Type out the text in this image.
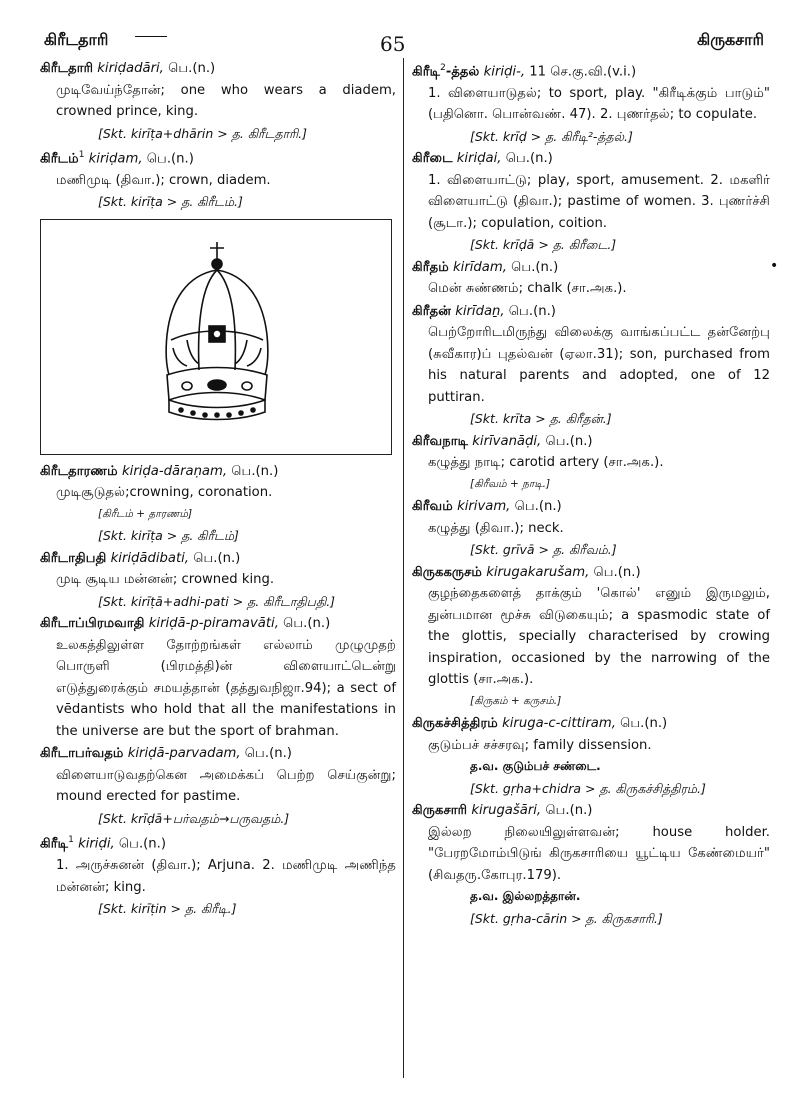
கிரீடதாரி	65	கிருகசாரி
•

கிரீடதாரி kiriḍadāri, பெ.(n.)

முடிவேய்ந்தோன்; one who wears a diadem, crowned prince, king.

[Skt. kirīṭa+dhārin > த. கிரீடதாரி.]

கிரீடம்$^1$ kiriḍam, பெ.(n.)

மணிமுடி (திவா.); crown, diadem.

[Skt. kirīṭa > த. கிரீடம்.]

கிரீடதாரணம் kiriḍa-dāraṇam, பெ.(n.)

முடிசூடுதல்;crowning, coronation.

[கிரீடம் + தாரணம்]

[Skt. kirīṭa > த. கிரீடம்]

கிரீடாதிபதி kiriḍādibati, பெ.(n.)

முடி சூடிய மன்னன்; crowned king.

[Skt. kirīṭā+adhi-pati > த. கிரீடாதிபதி.]

கிரீடாப்பிரமவாதி kiriḍā-p-piramavāti, பெ.(n.)

உலகத்திலுள்ள தோற்றங்கள் எல்லாம் முழுமுதற் பொருளி (பிரமத்தி)ன் விளையாட்டென்று எடுத்துரைக்கும் சமயத்தான் (தத்துவநிஜா.94); a sect of vēdantists who hold that all the manifestations in the universe are but the sport of brahman.

கிரீடாபர்வதம் kiriḍā-parvadam, பெ.(n.)

விளையாடுவதற்கென அமைக்கப் பெற்ற செய்குன்று; mound erected for pastime.

[Skt. krīḍā+பர்வதம்→பருவதம்.]

கிரீடி$^1$ kiriḍi, பெ.(n.)

1. அருச்சுனன் (திவா.); Arjuna. 2. மணிமுடி அணிந்த மன்னன்; king.

[Skt. kirīṭin > த. கிரீடி.]

கிரீடி$^2$-த்தல் kiriḍi-, 11 செ.கு.வி.(v.i.)

1. விளையாடுதல்; to sport, play. "கிரீடிக்கும் பாடும்" (பதினொ. பொன்வண். 47). 2. புணர்தல்; to copulate.

[Skt. krīḍ > த. கிரீடி²-த்தல்.]

கிரீடை kiriḍai, பெ.(n.)

1. விளையாட்டு; play, sport, amusement. 2. மகளிர் விளையாட்டு (திவா.); pastime of women. 3. புணர்ச்சி (சூடா.); copulation, coition.

[Skt. krīḍā > த. கிரீடை.]

கிரீதம் kirīdam, பெ.(n.)

மென் சுண்ணம்; chalk (சா.அக.).

கிரீதன் kirīdaṉ, பெ.(n.)

பெற்றோரிடமிருந்து விலைக்கு வாங்கப்பட்ட தன்னேற்பு (சுவீகார)ப் புதல்வன் (ஏலா.31); son, purchased from his natural parents and adopted, one of 12 puttiran.

[Skt. krīta > த. கிரீதன்.]

கிரீவநாடி kirīvanāḍi, பெ.(n.)

கழுத்து நாடி; carotid artery (சா.அக.).

[கிரீவம் + நாடி.]

கிரீவம் kirivam, பெ.(n.)

கழுத்து (திவா.); neck.

[Skt. grīvā > த. கிரீவம்.]

கிருககருசம் kirugakarušam, பெ.(n.)

குழந்தைகளைத் தாக்கும் 'கொல்' எனும் இருமலும், துன்பமான மூச்சு விடுகையும்; a spasmodic state of the glottis, specially characterised by crowing inspiration, occasioned by the narrowing of the glottis (சா.அக.).

[கிருகம் + கருசம்.]

கிருகச்சித்திரம் kiruga-c-cittiram, பெ.(n.)

குடும்பச் சச்சரவு; family dissension.

த.வ. குடும்பச் சண்டை.

[Skt. gṛha+chidra > த. கிருகச்சித்திரம்.]

கிருகசாரி kirugašāri, பெ.(n.)

இல்லற நிலையிலுள்ளவன்; house holder. "பேரறமோம்பிடுங் கிருகசாரியை யூட்டிய கேண்மையர்" (சிவதரு.கோபுர.179).

த.வ. இல்லறத்தான்.

[Skt. gṛha-cārin > த. கிருகசாரி.]
